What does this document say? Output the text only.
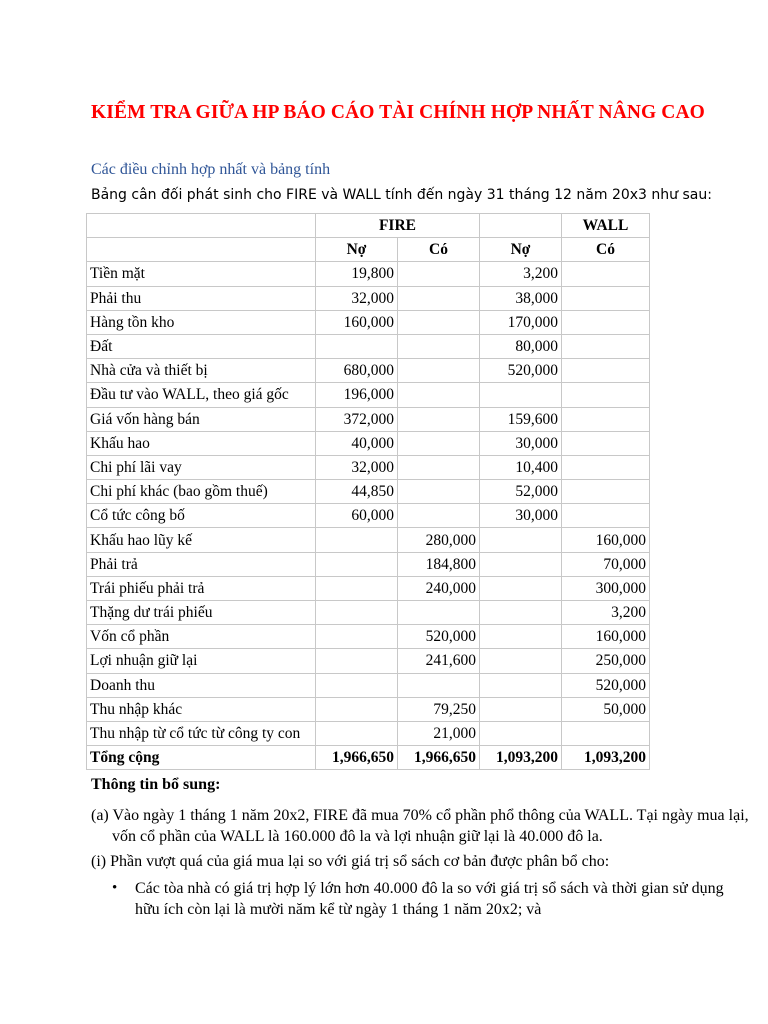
KIỂM TRA GIỮA HP BÁO CÁO TÀI CHÍNH HỢP NHẤT NÂNG CAO
Các điều chỉnh hợp nhất và bảng tính
Bảng cân đối phát sinh cho FIRE và WALL tính đến ngày 31 tháng 12 năm 20x3 như sau:
	FIRE			WALL
	Nợ	Có	Nợ	Có
Tiền mặt	19,800		3,200	
Phải thu	32,000		38,000	
Hàng tồn kho	160,000		170,000	
Đất			80,000	
Nhà cửa và thiết bị	680,000		520,000	
Đầu tư vào WALL, theo giá gốc	196,000			
Giá vốn hàng bán	372,000		159,600	
Khấu hao	40,000		30,000	
Chi phí lãi vay	32,000		10,400	
Chi phí khác (bao gồm thuế)	44,850		52,000	
Cổ tức công bố	60,000		30,000	
Khấu hao lũy kế		280,000		160,000
Phải trả		184,800		70,000
Trái phiếu phải trả		240,000		300,000
Thặng dư trái phiếu				3,200
Vốn cổ phần		520,000		160,000
Lợi nhuận giữ lại		241,600		250,000
Doanh thu				520,000
Thu nhập khác		79,250		50,000
Thu nhập từ cổ tức từ công ty con		21,000		
Tổng cộng	1,966,650	1,966,650	1,093,200	1,093,200
Thông tin bổ sung:
(a) Vào ngày 1 tháng 1 năm 20x2, FIRE đã mua 70% cổ phần phổ thông của WALL. Tại ngày mua lại, vốn cổ phần của WALL là 160.000 đô la và lợi nhuận giữ lại là 40.000 đô la.
(i) Phần vượt quá của giá mua lại so với giá trị sổ sách cơ bản được phân bổ cho:
•	Các tòa nhà có giá trị hợp lý lớn hơn 40.000 đô la so với giá trị sổ sách và thời gian sử dụng hữu ích còn lại là mười năm kể từ ngày 1 tháng 1 năm 20x2; và
